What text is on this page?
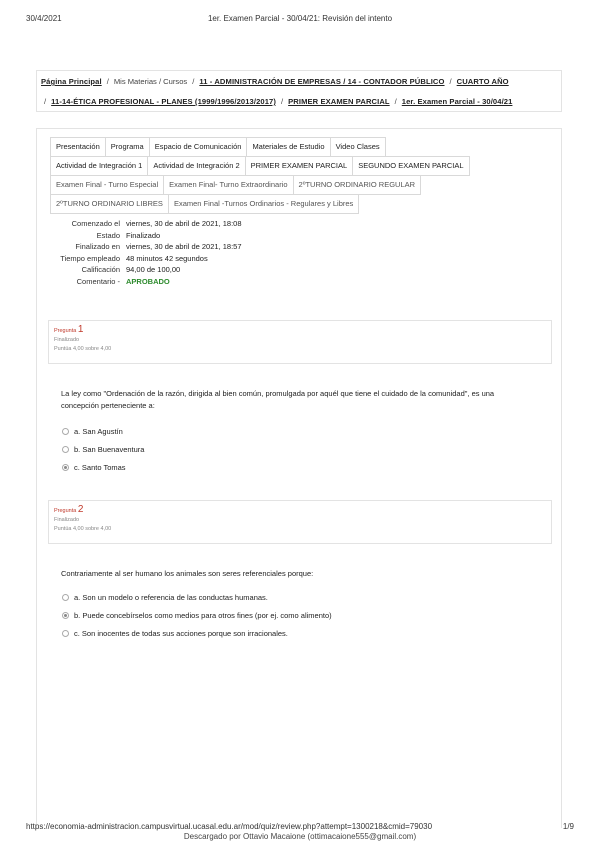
30/4/2021	1er. Examen Parcial - 30/04/21: Revisión del intento
Página Principal / Mis Materias / Cursos / 11 - ADMINISTRACIÓN DE EMPRESAS / 14 - CONTADOR PÚBLICO / CUARTO AÑO
/ 11-14-ÉTICA PROFESIONAL - PLANES (1999/1996/2013/2017) / PRIMER EXAMEN PARCIAL / 1er. Examen Parcial - 30/04/21
Presentación	Programa	Espacio de Comunicación	Materiales de Estudio	Video Clases
Actividad de Integración 1	Actividad de Integración 2	PRIMER EXAMEN PARCIAL	SEGUNDO EXAMEN PARCIAL
Examen Final - Turno Especial	Examen Final- Turno Extraordinario	2ºTURNO ORDINARIO REGULAR
2ºTURNO ORDINARIO LIBRES	Examen Final -Turnos Ordinarios - Regulares y Libres
Comenzado el viernes, 30 de abril de 2021, 18:08
Estado Finalizado
Finalizado en viernes, 30 de abril de 2021, 18:57
Tiempo empleado 48 minutos 42 segundos
Calificación 94,00 de 100,00
Comentario - APROBADO
Pregunta 1
Finalizado
Puntúa 4,00 sobre 4,00
La ley como "Ordenación de la razón, dirigida al bien común, promulgada por aquél que tiene el cuidado de la comunidad", es una concepción perteneciente a:
a. San Agustín
b. San Buenaventura
c. Santo Tomas
Pregunta 2
Finalizado
Puntúa 4,00 sobre 4,00
Contrariamente al ser humano los animales son seres referenciales porque:
a. Son un modelo o referencia de las conductas humanas.
b. Puede concebírselos como medios para otros fines (por ej. como alimento)
c. Son inocentes de todas sus acciones porque son irracionales.
https://economia-administracion.campusvirtual.ucasal.edu.ar/mod/quiz/review.php?attempt=1300218&cmid=79030	1/9
Descargado por Ottavio Macaione (ottimacaione555@gmail.com)
